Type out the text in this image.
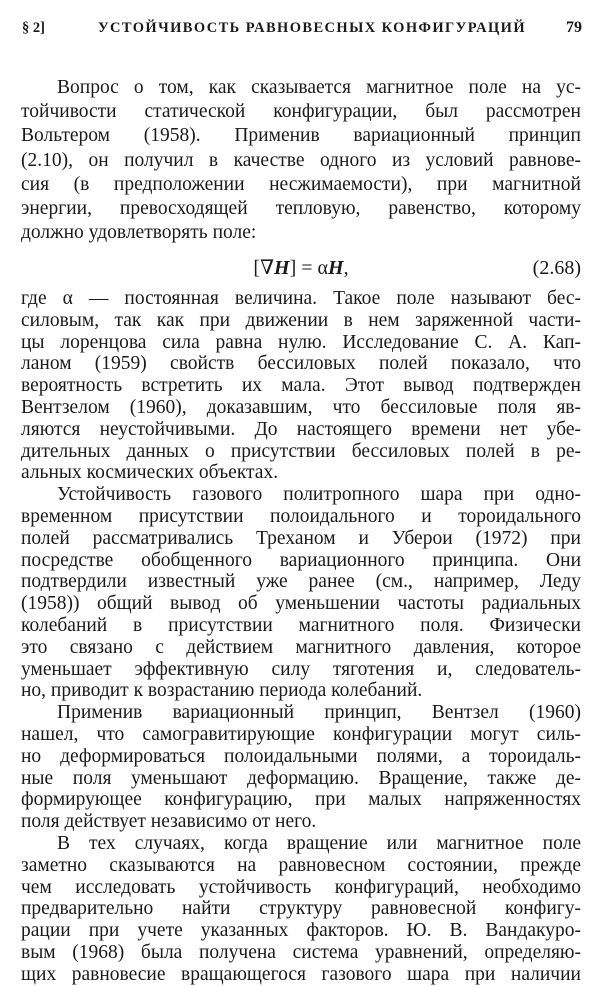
§ 2]	УСТОЙЧИВОСТЬ РАВНОВЕСНЫХ КОНФИГУРАЦИЙ	79
Вопрос о том, как сказывается магнитное поле на ус-
тойчивости статической конфигурации, был рассмотрен
Вольтером (1958). Применив вариационный принцип
(2.10), он получил в качестве одного из условий равнове-
сия (в предположении несжимаемости), при магнитной
энергии, превосходящей тепловую, равенство, которому
должно удовлетворять поле:
[∇H] = αH,	(2.68)
где α — постоянная величина. Такое поле называют бес-
силовым, так как при движении в нем заряженной части-
цы лоренцова сила равна нулю. Исследование С. А. Кап-
ланом (1959) свойств бессиловых полей показало, что
вероятность встретить их мала. Этот вывод подтвержден
Вентзелом (1960), доказавшим, что бессиловые поля яв-
ляются неустойчивыми. До настоящего времени нет убе-
дительных данных о присутствии бессиловых полей в ре-
альных космических объектах.
Устойчивость газового политропного шара при одно-
временном присутствии полоидального и тороидального
полей рассматривались Треханом и Уберои (1972) при
посредстве обобщенного вариационного принципа. Они
подтвердили известный уже ранее (см., например, Леду
(1958)) общий вывод об уменьшении частоты радиальных
колебаний в присутствии магнитного поля. Физически
это связано с действием магнитного давления, которое
уменьшает эффективную силу тяготения и, следователь-
но, приводит к возрастанию периода колебаний.
Применив вариационный принцип, Вентзел (1960)
нашел, что самогравитирующие конфигурации могут силь-
но деформироваться полоидальными полями, а тороидаль-
ные поля уменьшают деформацию. Вращение, также де-
формирующее конфигурацию, при малых напряженностях
поля действует независимо от него.
В тех случаях, когда вращение или магнитное поле
заметно сказываются на равновесном состоянии, прежде
чем исследовать устойчивость конфигураций, необходимо
предварительно найти структуру равновесной конфигу-
рации при учете указанных факторов. Ю. В. Вандакуро-
вым (1968) была получена система уравнений, определяю-
щих равновесие вращающегося газового шара при наличии
